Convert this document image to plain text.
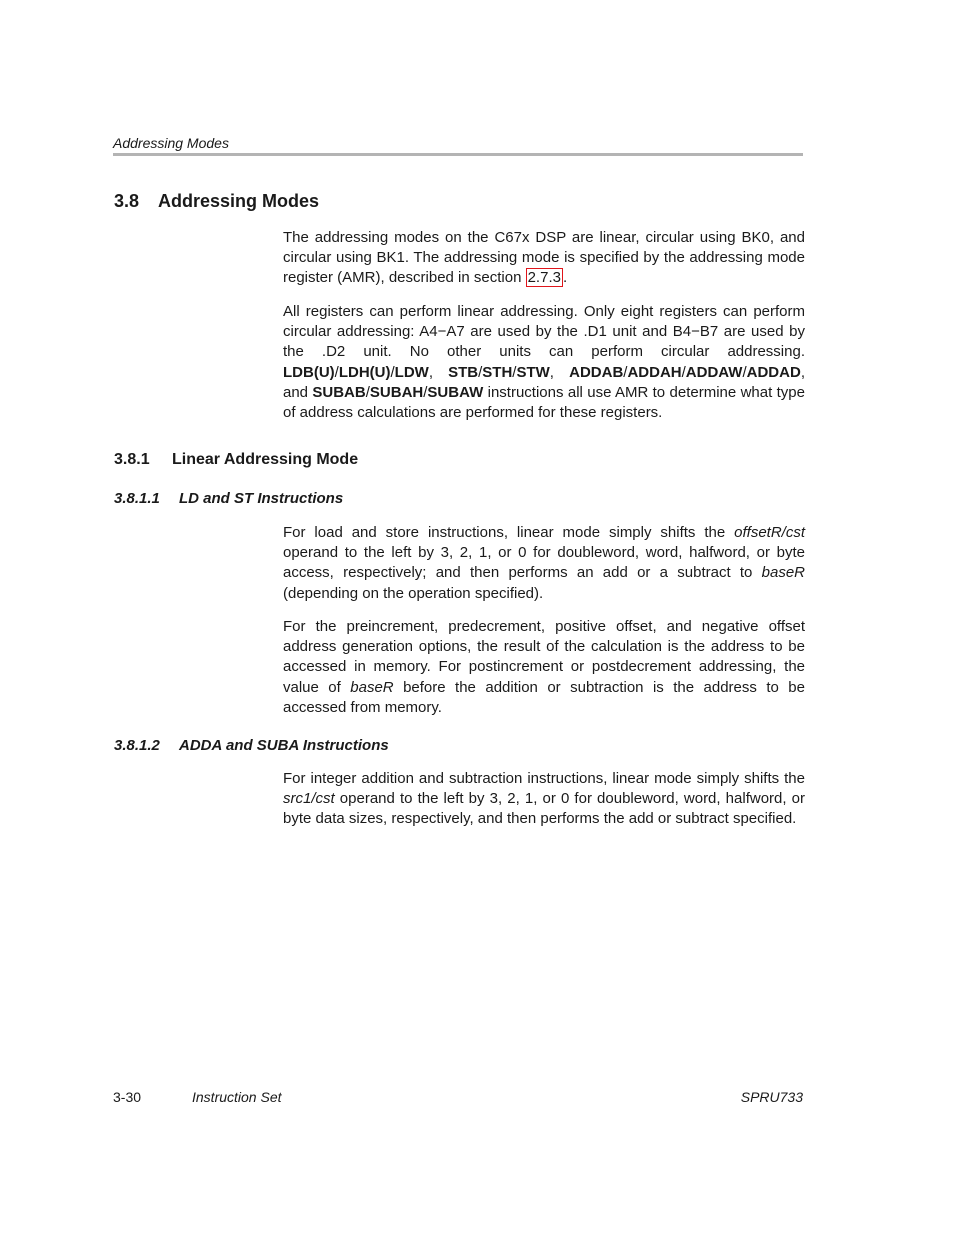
Addressing Modes
3.8 Addressing Modes

The addressing modes on the C67x DSP are linear, circular using BK0, and circular using BK1. The addressing mode is specified by the addressing mode register (AMR), described in section 2.7.3 .

All registers can perform linear addressing. Only eight registers can perform circular addressing: A4−A7 are used by the .D1 unit and B4−B7 are used by the .D2 unit. No other units can perform circular addressing. LDB(U)/LDH(U)/LDW, STB/STH/STW, ADDAB/ADDAH/ADDAW/ADDAD, and SUBAB/SUBAH/SUBAW instructions all use AMR to determine what type of address calculations are performed for these registers.

3.8.1 Linear Addressing Mode
3.8.1.1 LD and ST Instructions

For load and store instructions, linear mode simply shifts the offsetR/cst operand to the left by 3, 2, 1, or 0 for doubleword, word, halfword, or byte access, respectively; and then performs an add or a subtract to baseR (depending on the operation specified).

For the preincrement, predecrement, positive offset, and negative offset address generation options, the result of the calculation is the address to be accessed in memory. For postincrement or postdecrement addressing, the value of baseR before the addition or subtraction is the address to be accessed from memory.

3.8.1.2 ADDA and SUBA Instructions

For integer addition and subtraction instructions, linear mode simply shifts the src1/cst operand to the left by 3, 2, 1, or 0 for doubleword, word, halfword, or byte data sizes, respectively, and then performs the add or subtract specified.

3-30	Instruction Set	SPRU733
